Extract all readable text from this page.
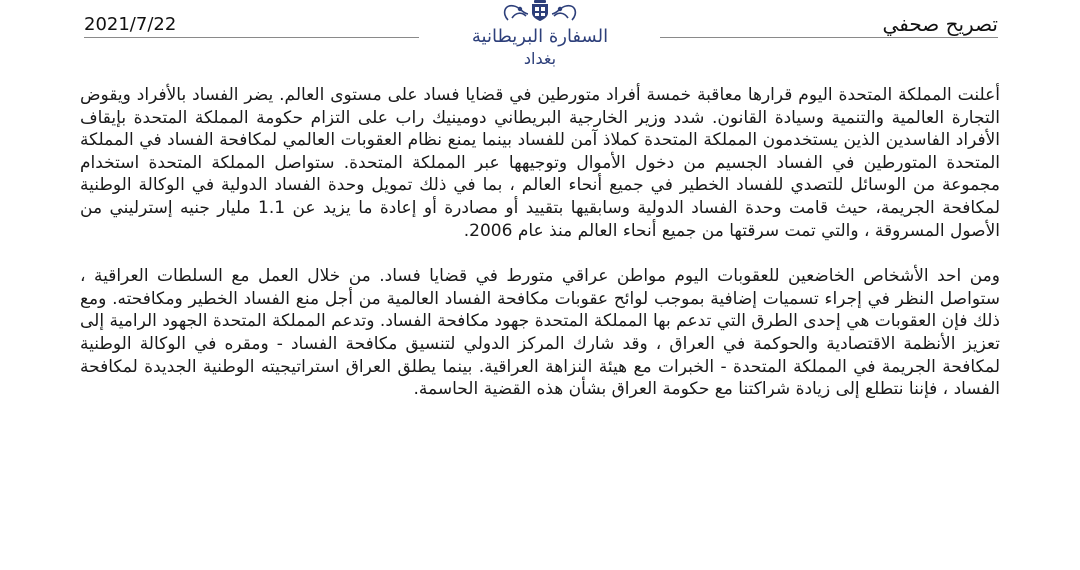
2021/7/22
السفارة البريطانية
بغداد
تصريح صحفي

أعلنت المملكة المتحدة اليوم قرارها معاقبة خمسة أفراد متورطين في قضايا فساد على مستوى العالم. يضر الفساد بالأفراد ويقوض التجارة العالمية والتنمية وسيادة القانون. شدد وزير الخارجية البريطاني دومينيك راب على التزام حكومة المملكة المتحدة بإيقاف الأفراد الفاسدين الذين يستخدمون المملكة المتحدة كملاذ آمن للفساد بينما يمنع نظام العقوبات العالمي لمكافحة الفساد في المملكة المتحدة المتورطين في الفساد الجسيم من دخول الأموال وتوجيهها عبر المملكة المتحدة. ستواصل المملكة المتحدة استخدام مجموعة من الوسائل للتصدي للفساد الخطير في جميع أنحاء العالم ، بما في ذلك تمويل وحدة الفساد الدولية في الوكالة الوطنية لمكافحة الجريمة، حيث قامت وحدة الفساد الدولية وسابقيها بتقييد أو مصادرة أو إعادة ما يزيد عن 1.1 مليار جنيه إسترليني من الأصول المسروقة ، والتي تمت سرقتها من جميع أنحاء العالم منذ عام 2006.

ومن احد الأشخاص الخاضعين للعقوبات اليوم مواطن عراقي متورط في قضايا فساد. من خلال العمل مع السلطات العراقية ، ستواصل النظر في إجراء تسميات إضافية بموجب لوائح عقوبات مكافحة الفساد العالمية من أجل منع الفساد الخطير ومكافحته. ومع ذلك فإن العقوبات هي إحدى الطرق التي تدعم بها المملكة المتحدة جهود مكافحة الفساد. وتدعم المملكة المتحدة الجهود الرامية إلى تعزيز الأنظمة الاقتصادية والحوكمة في العراق ، وقد شارك المركز الدولي لتنسيق مكافحة الفساد - ومقره في الوكالة الوطنية لمكافحة الجريمة في المملكة المتحدة - الخبرات مع هيئة النزاهة العراقية. بينما يطلق العراق استراتيجيته الوطنية الجديدة لمكافحة الفساد ، فإننا نتطلع إلى زيادة شراكتنا مع حكومة العراق بشأن هذه القضية الحاسمة.
